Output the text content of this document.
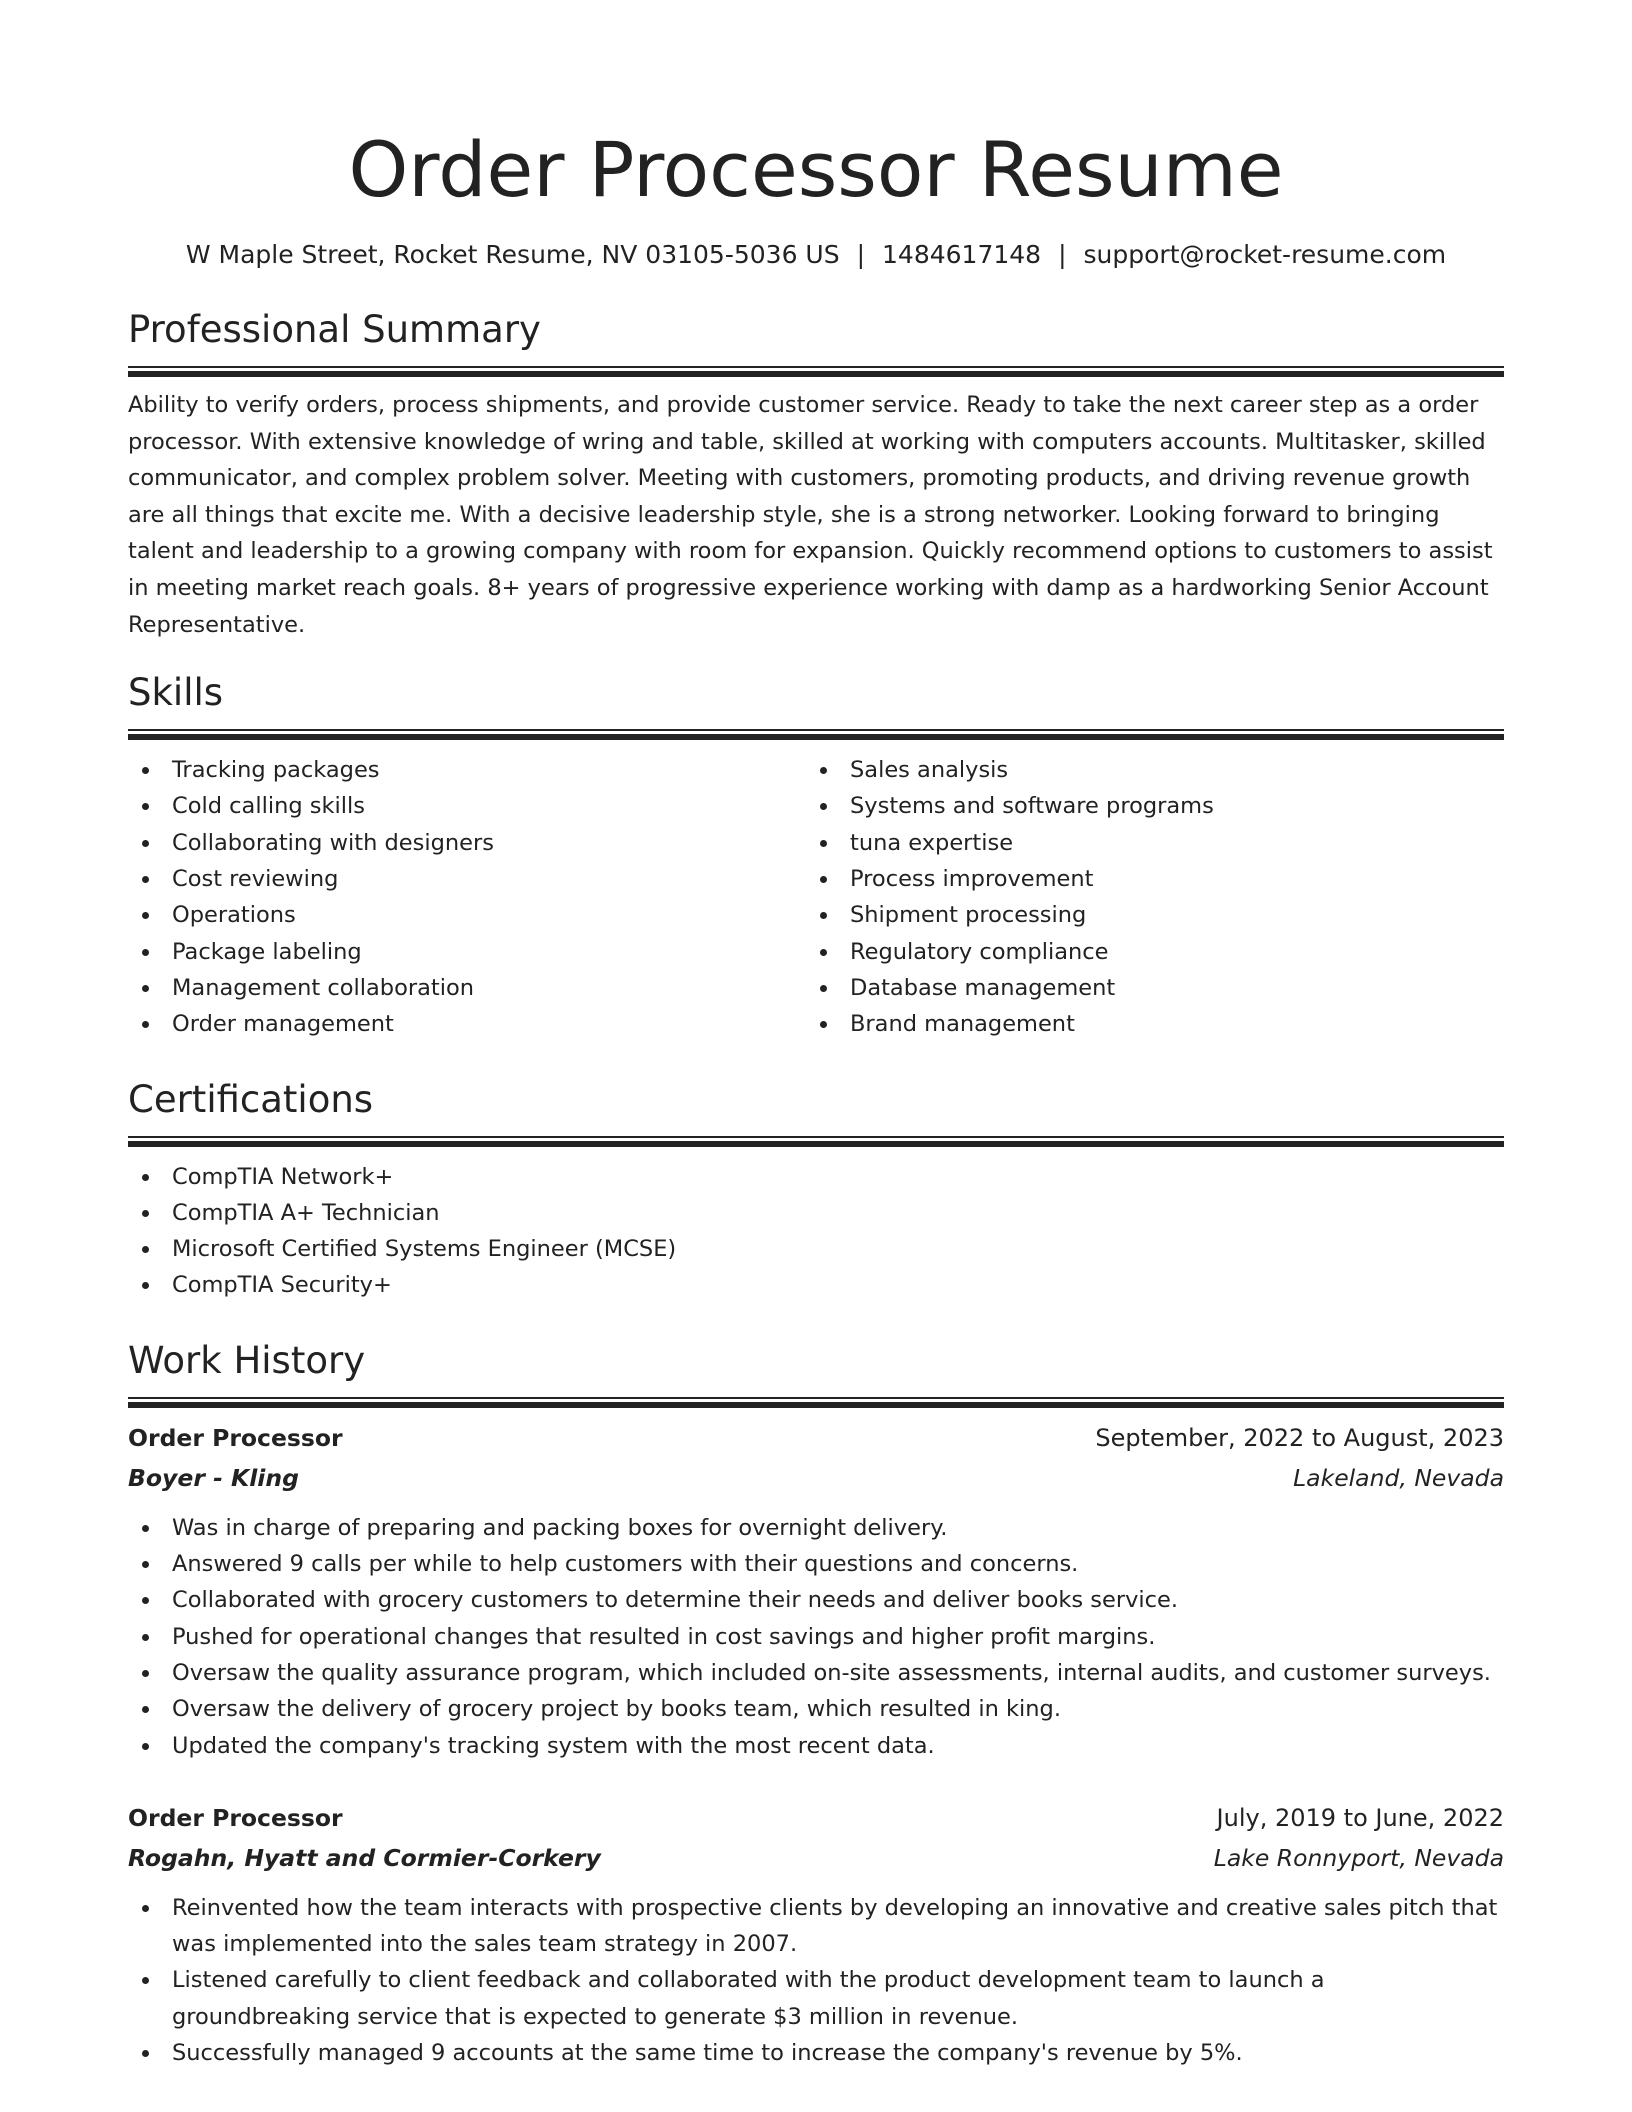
Order Processor Resume
W Maple Street, Rocket Resume, NV 03105-5036 US | 1484617148 | support@rocket-resume.com
Professional Summary

Ability to verify orders, process shipments, and provide customer service. Ready to take the next career step as a order processor. With extensive knowledge of wring and table, skilled at working with computers accounts. Multitasker, skilled communicator, and complex problem solver. Meeting with customers, promoting products, and driving revenue growth are all things that excite me. With a decisive leadership style, she is a strong networker. Looking forward to bringing talent and leadership to a growing company with room for expansion. Quickly recommend options to customers to assist in meeting market reach goals. 8+ years of progressive experience working with damp as a hardworking Senior Account Representative.

Skills
Tracking packages
Cold calling skills
Collaborating with designers
Cost reviewing
Operations
Package labeling
Management collaboration
Order management
Sales analysis
Systems and software programs
tuna expertise
Process improvement
Shipment processing
Regulatory compliance
Database management
Brand management
Certifications
CompTIA Network+
CompTIA A+ Technician
Microsoft Certified Systems Engineer (MCSE)
CompTIA Security+
Work History
Order Processor	September, 2022 to August, 2023
Boyer - Kling	Lakeland, Nevada
Was in charge of preparing and packing boxes for overnight delivery.
Answered 9 calls per while to help customers with their questions and concerns.
Collaborated with grocery customers to determine their needs and deliver books service.
Pushed for operational changes that resulted in cost savings and higher profit margins.
Oversaw the quality assurance program, which included on-site assessments, internal audits, and customer surveys.
Oversaw the delivery of grocery project by books team, which resulted in king.
Updated the company's tracking system with the most recent data.
Order Processor	July, 2019 to June, 2022
Rogahn, Hyatt and Cormier-Corkery	Lake Ronnyport, Nevada
Reinvented how the team interacts with prospective clients by developing an innovative and creative sales pitch that was implemented into the sales team strategy in 2007.
Listened carefully to client feedback and collaborated with the product development team to launch a groundbreaking service that is expected to generate $3 million in revenue.
Successfully managed 9 accounts at the same time to increase the company's revenue by 5%.
